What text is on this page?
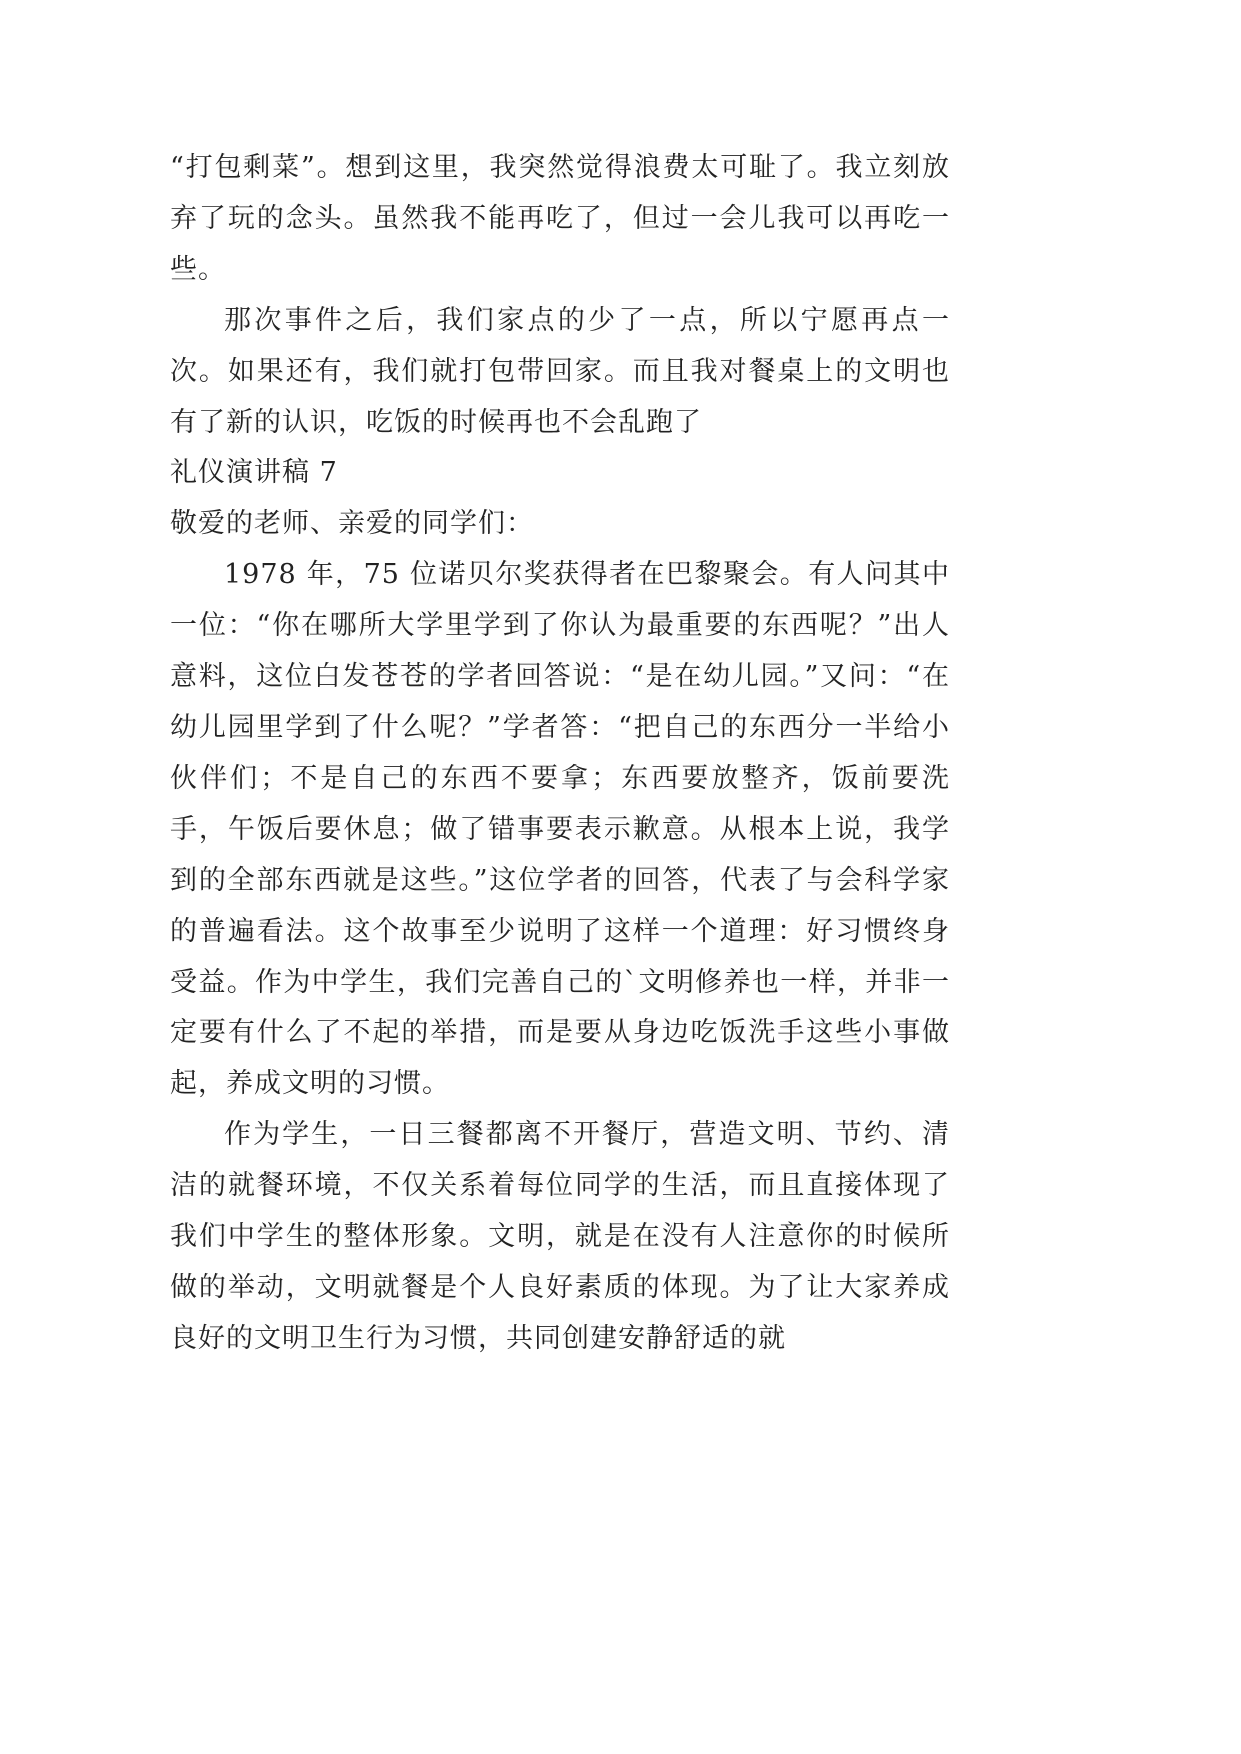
“打包剩菜”。想到这里，我突然觉得浪费太可耻了。我立刻放弃了玩的念头。虽然我不能再吃了，但过一会儿我可以再吃一些。

那次事件之后，我们家点的少了一点，所以宁愿再点一次。如果还有，我们就打包带回家。而且我对餐桌上的文明也有了新的认识，吃饭的时候再也不会乱跑了

礼仪演讲稿 7

敬爱的老师、亲爱的同学们：

1978 年，75 位诺贝尔奖获得者在巴黎聚会。有人问其中一位：“你在哪所大学里学到了你认为最重要的东西呢？”出人意料，这位白发苍苍的学者回答说：“是在幼儿园。”又问：“在幼儿园里学到了什么呢？”学者答：“把自己的东西分一半给小伙伴们；不是自己的东西不要拿；东西要放整齐，饭前要洗手，午饭后要休息；做了错事要表示歉意。从根本上说，我学到的全部东西就是这些。”这位学者的回答，代表了与会科学家的普遍看法。这个故事至少说明了这样一个道理：好习惯终身受益。作为中学生，我们完善自己的`文明修养也一样，并非一定要有什么了不起的举措，而是要从身边吃饭洗手这些小事做起，养成文明的习惯。

作为学生，一日三餐都离不开餐厅，营造文明、节约、清洁的就餐环境，不仅关系着每位同学的生活，而且直接体现了我们中学生的整体形象。文明，就是在没有人注意你的时候所做的举动，文明就餐是个人良好素质的体现。为了让大家养成良好的文明卫生行为习惯，共同创建安静舒适的就
